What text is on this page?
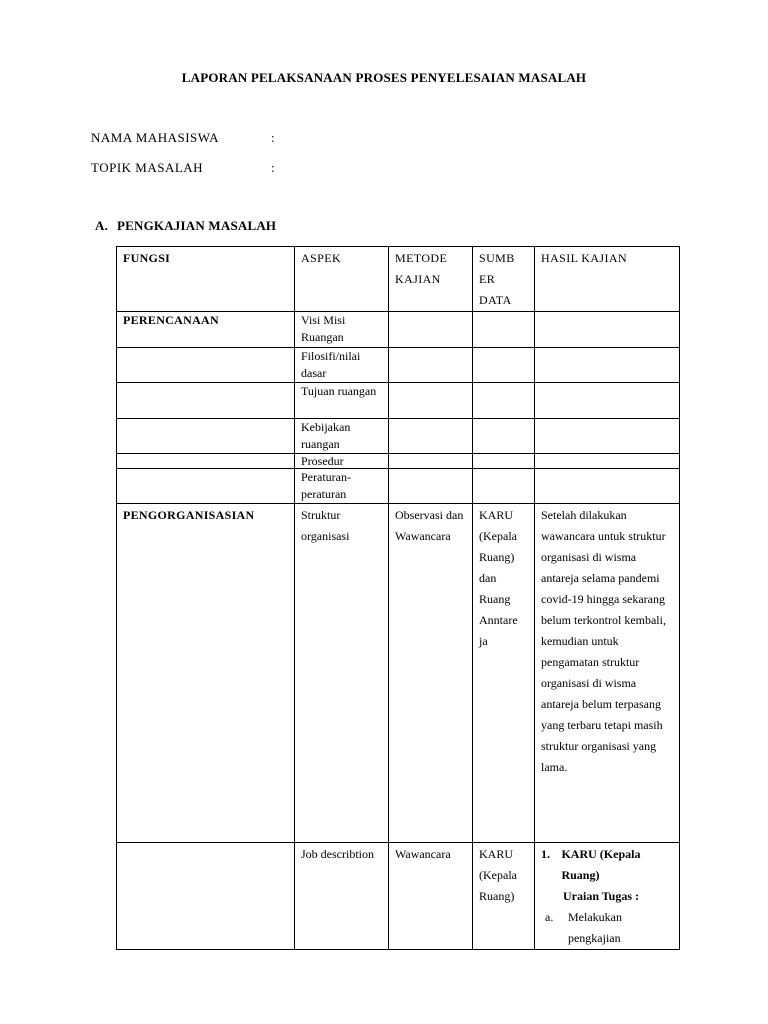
LAPORAN PELAKSANAAN PROSES PENYELESAIAN MASALAH
NAMA MAHASISWA	:
TOPIK MASALAH	:
A. PENGKAJIAN MASALAH
FUNGSI	ASPEK	METODE KAJIAN	SUMB ER DATA	HASIL KAJIAN
PERENCANAAN	Visi Misi Ruangan			
	Filosifi/nilai dasar			
	Tujuan ruangan			
	Kebijakan ruangan			
	Prosedur			
	Peraturan-peraturan			
PENGORGANISASIAN	Struktur organisasi	Observasi dan Wawancara	KARU (Kepala Ruang) dan Ruang Anntare ja	Setelah dilakukan wawancara untuk struktur organisasi di wisma antareja selama pandemi covid-19 hingga sekarang belum terkontrol kembali, kemudian untuk pengamatan struktur organisasi di wisma antareja belum terpasang yang terbaru tetapi masih struktur organisasi yang lama.
	Job describtion	Wawancara	KARU (Kepala Ruang)	1. KARU (Kepala Ruang)
Uraian Tugas :
a. Melakukan pengkajian
